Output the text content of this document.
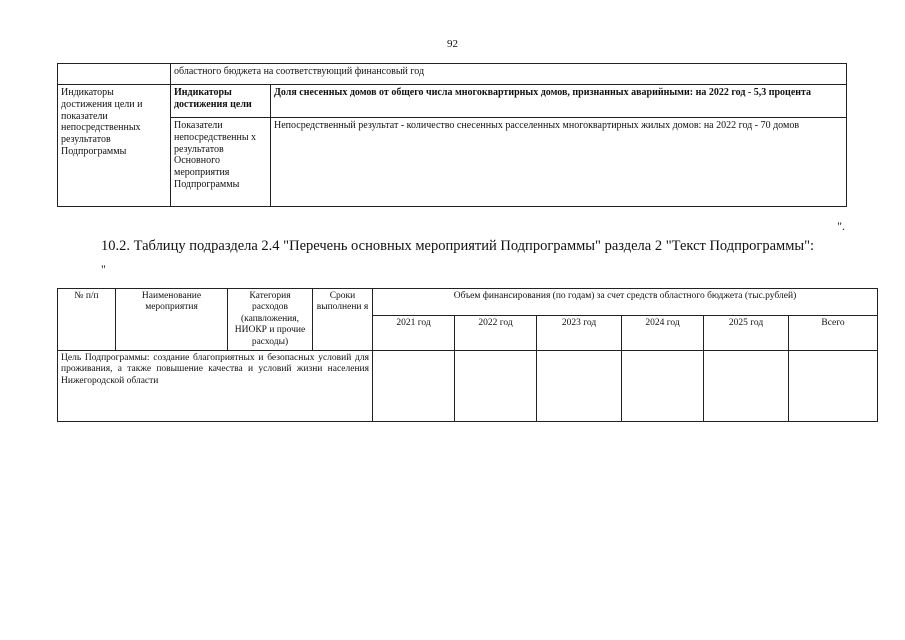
92
	областного бюджета на соответствующий финансовый год	
Индикаторы достижения цели и показатели непосредственных результатов Подпрограммы	Индикаторы достижения цели	Доля снесенных домов от общего числа многоквартирных домов, признанных аварийными: на 2022 год - 5,3 процента
	Показатели непосредственны х результатов Основного мероприятия Подпрограммы	Непосредственный результат - количество снесенных расселенных многоквартирных жилых домов: на 2022 год - 70 домов
".
10.2. Таблицу подраздела 2.4 "Перечень основных мероприятий Подпрограммы" раздела 2 "Текст Подпрограммы":
"
№ п/п	Наименование мероприятия	Категория расходов (капвложения, НИОКР и прочие расходы)	Сроки выполнени я	Объем финансирования (по годам) за счет средств областного бюджета (тыс.рублей)					
				2021 год	2022 год	2023 год	2024 год	2025 год	Всего
Цель Подпрограммы: создание благоприятных и безопасных условий для проживания, а также повышение качества и условий жизни населения Нижегородской области									
